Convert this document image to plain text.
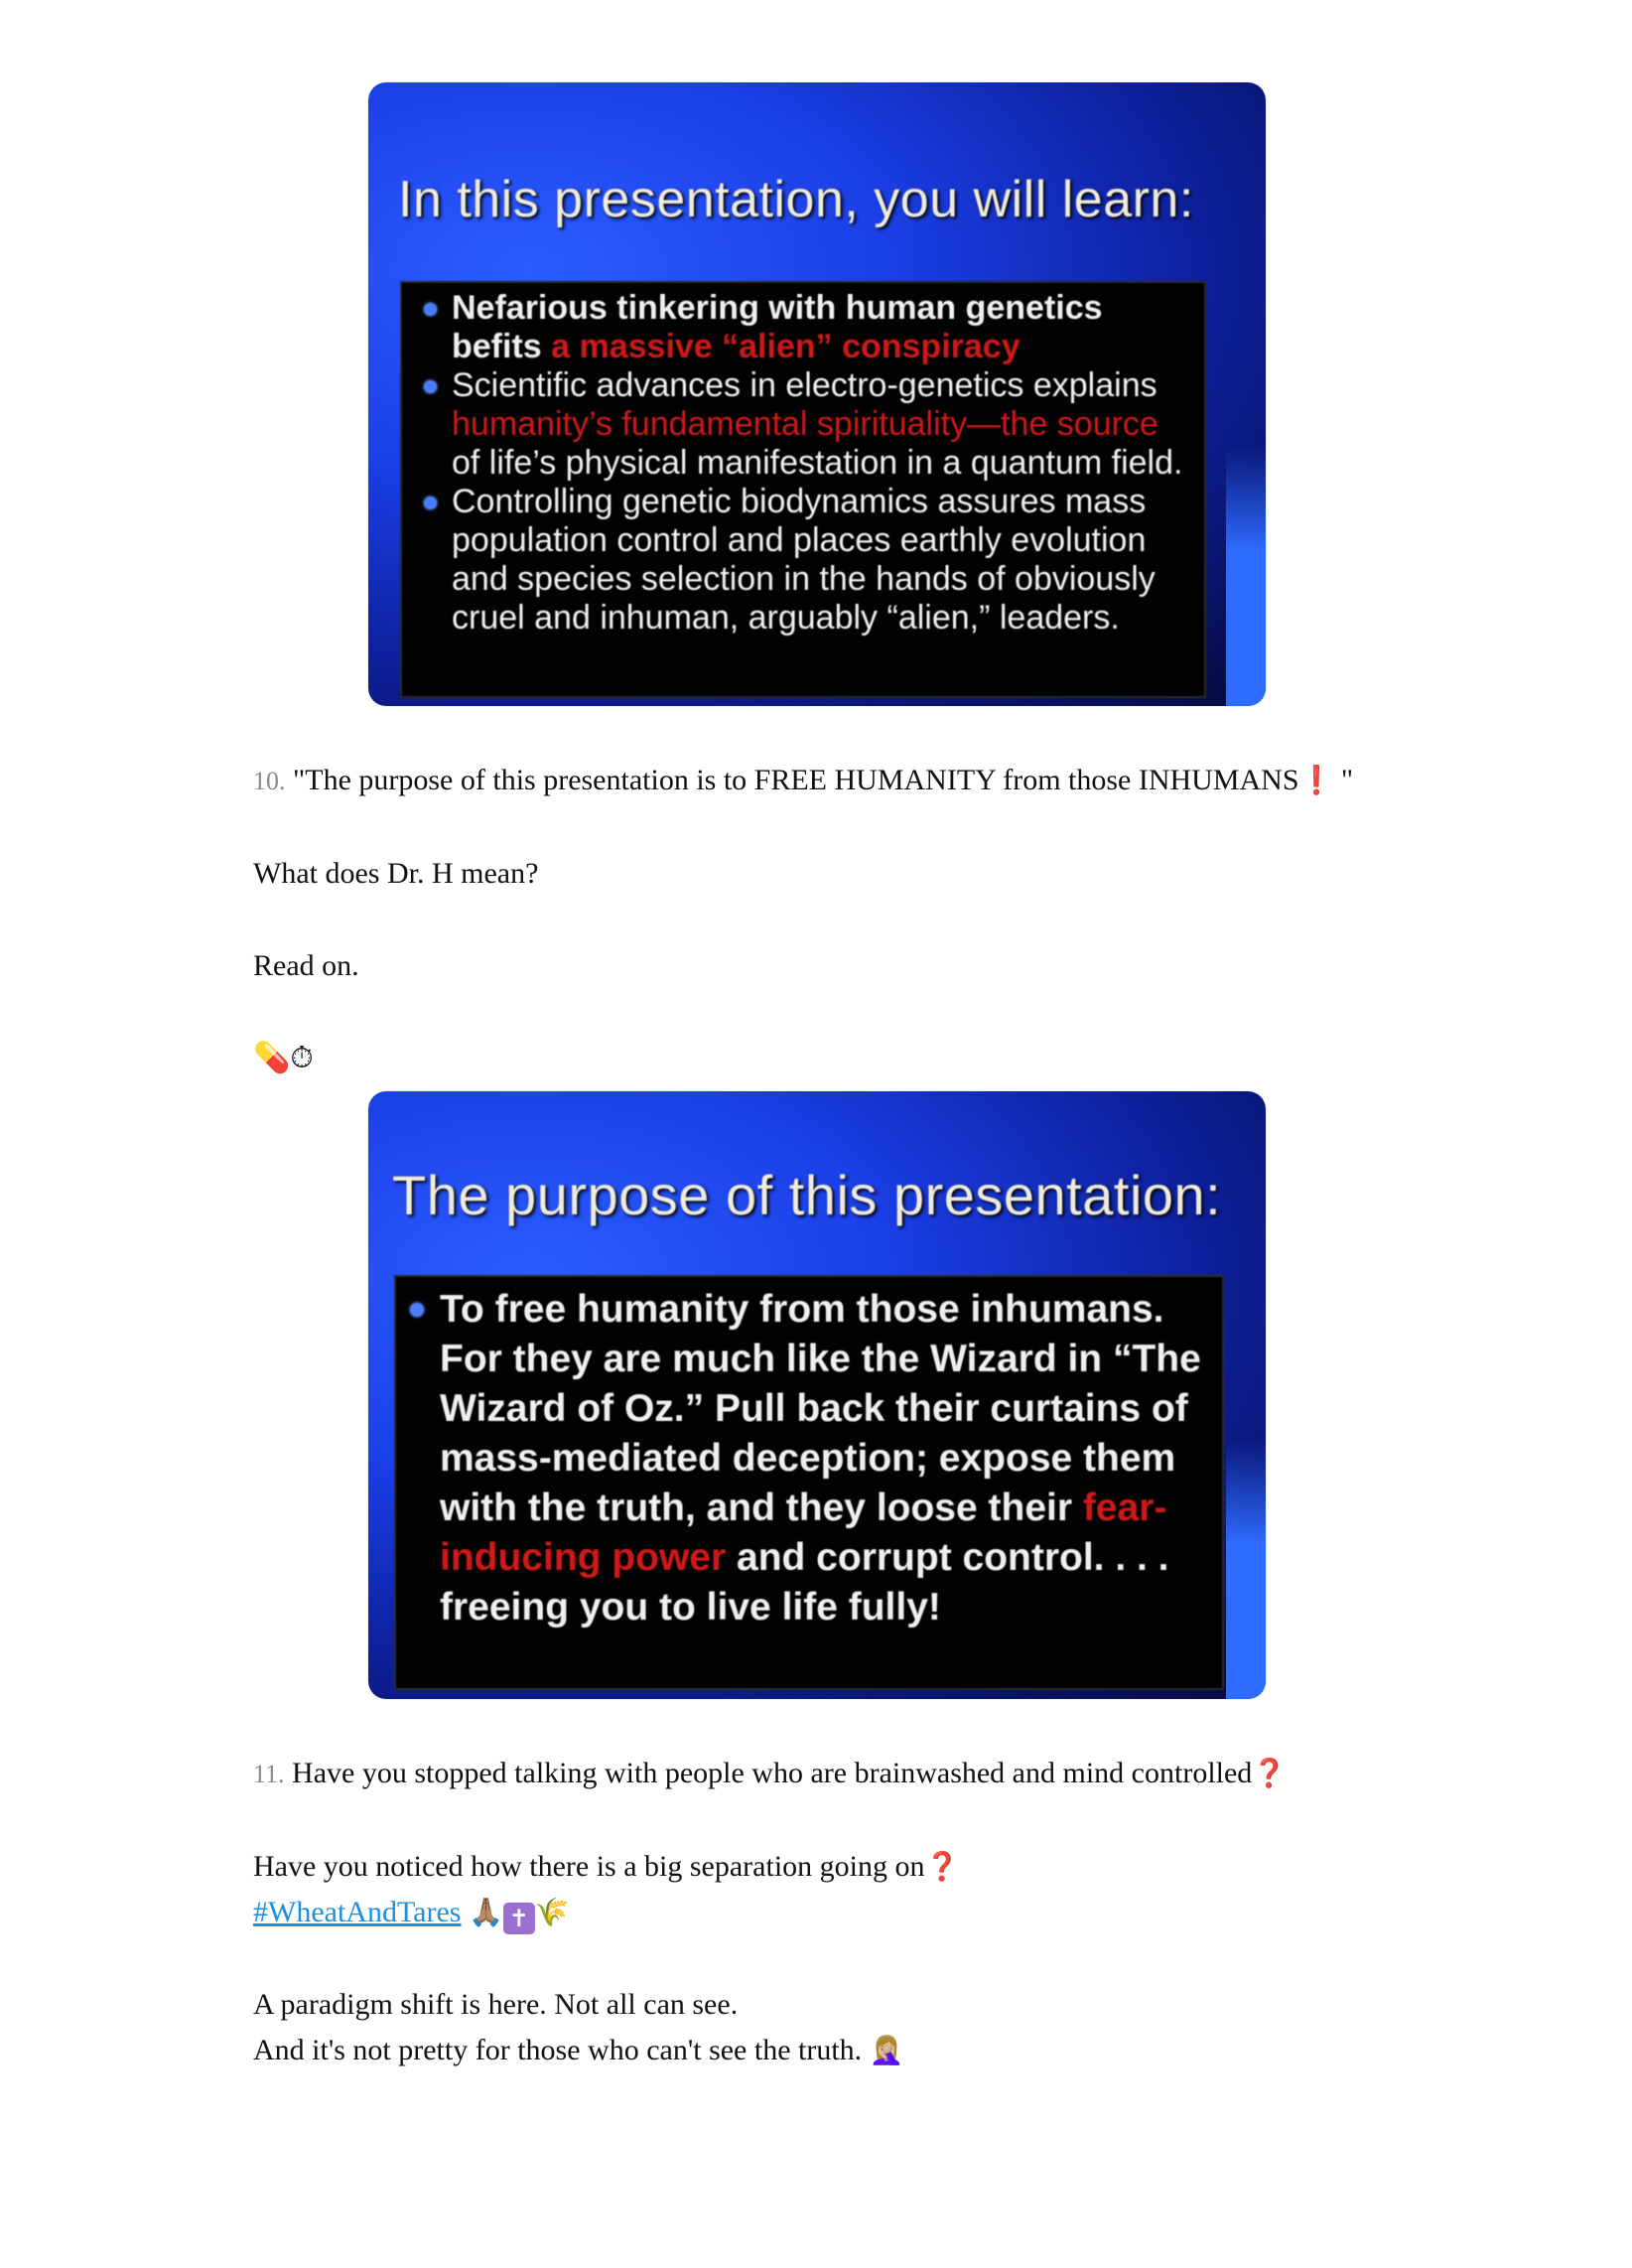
In this presentation, you will learn:
Nefarious tinkering with human genetics befits a massive “alien” conspiracy
Scientific advances in electro-genetics explains humanity’s fundamental spirituality—the source of life’s physical manifestation in a quantum field.
Controlling genetic biodynamics assures mass population control and places earthly evolution and species selection in the hands of obviously cruel and inhuman, arguably “alien,” leaders.

10. "The purpose of this presentation is to FREE HUMANITY from those INHUMANS❗ "

What does Dr. H mean?

Read on.

💊⏱
The purpose of this presentation:
To free humanity from those inhumans. For they are much like the Wizard in “The Wizard of Oz.” Pull back their curtains of mass-mediated deception; expose them with the truth, and they loose their fear-inducing power and corrupt control. . . . freeing you to live life fully!

11. Have you stopped talking with people who are brainwashed and mind controlled❓

Have you noticed how there is a big separation going on❓
#WheatAndTares 🙏🏽 ✝ 🌾

A paradigm shift is here. Not all can see.
And it's not pretty for those who can't see the truth. 🤦🏼‍♀️
